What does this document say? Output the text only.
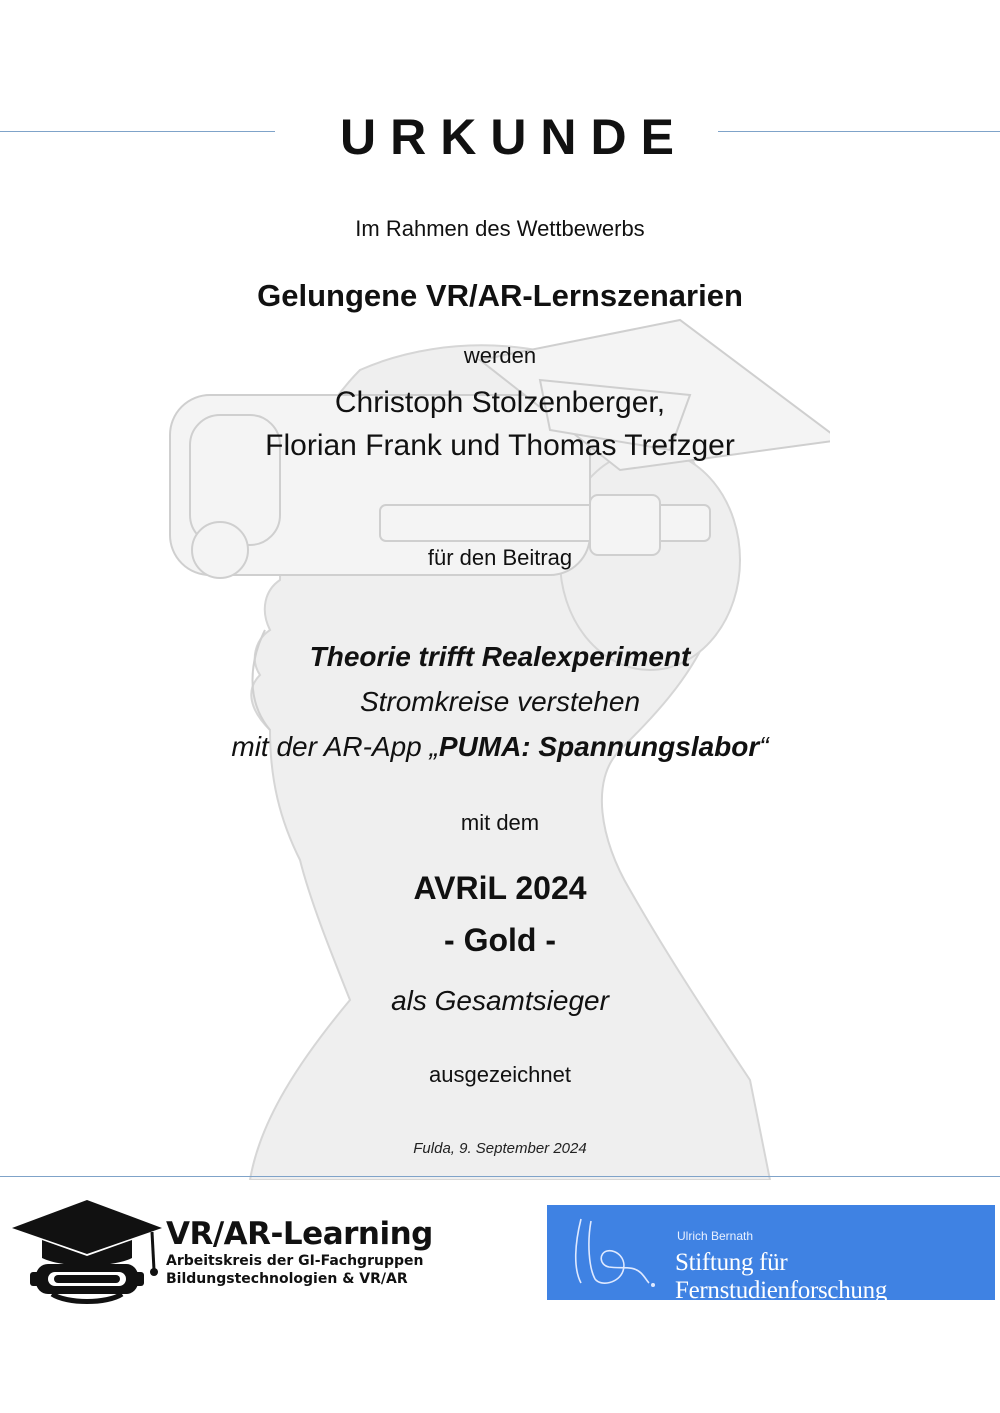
URKUNDE
Im Rahmen des Wettbewerbs
Gelungene VR/AR-Lernszenarien
werden
Christoph Stolzenberger,
Florian Frank und Thomas Trefzger
für den Beitrag
Theorie trifft Realexperiment
Stromkreise verstehen
mit der AR-App „PUMA: Spannungslabor“
mit dem
AVRiL 2024
- Gold -
als Gesamtsieger
ausgezeichnet
Fulda, 9. September 2024
VR/AR-Learning
Arbeitskreis der GI-Fachgruppen
Bildungstechnologien & VR/AR
Ulrich Bernath
Stiftung für Fernstudienforschung
